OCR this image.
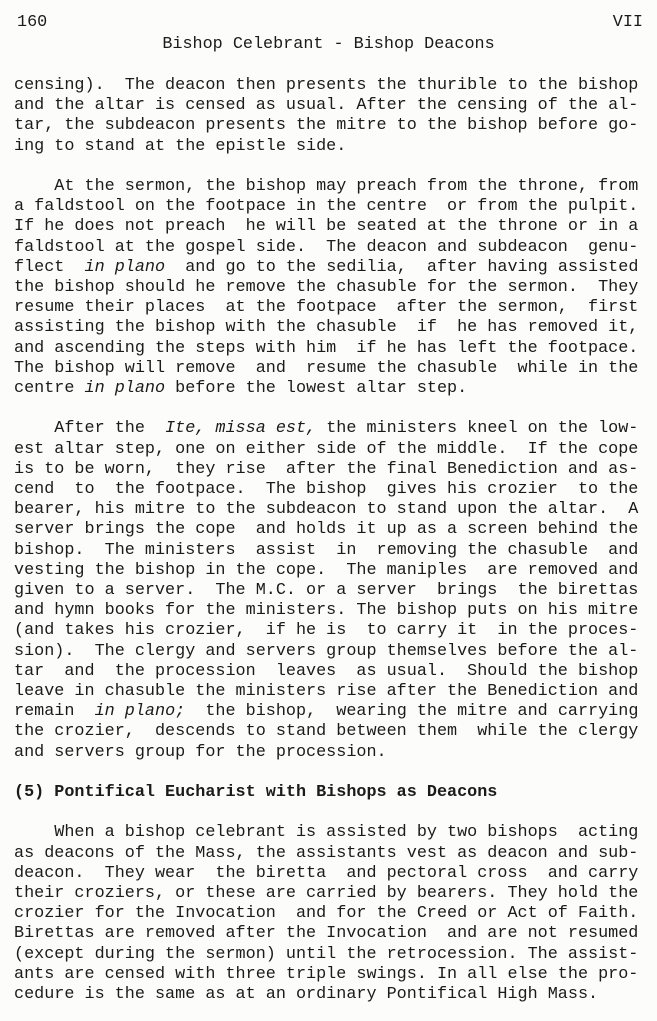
160	VII
Bishop Celebrant - Bishop Deacons
censing).  The deacon then presents the thurible to the bishop
and the altar is censed as usual. After the censing of the al-
tar, the subdeacon presents the mitre to the bishop before go-
ing to stand at the epistle side.
At the sermon, the bishop may preach from the throne, from
a faldstool on the footpace in the centre  or from the pulpit.
If he does not preach  he will be seated at the throne or in a
faldstool at the gospel side.  The deacon and subdeacon  genu-
flect  in plano  and go to the sedilia,  after having assisted
the bishop should he remove the chasuble for the sermon.  They
resume their places  at the footpace  after the sermon,  first
assisting the bishop with the chasuble  if  he has removed it,
and ascending the steps with him  if he has left the footpace.
The bishop will remove  and  resume the chasuble  while in the
centre in plano before the lowest altar step.
After the  Ite, missa est, the ministers kneel on the low-
est altar step, one on either side of the middle.  If the cope
is to be worn,  they rise  after the final Benediction and as-
cend  to  the footpace.  The bishop  gives his crozier  to the
bearer, his mitre to the subdeacon to stand upon the altar.  A
server brings the cope  and holds it up as a screen behind the
bishop.  The ministers  assist  in  removing the chasuble  and
vesting the bishop in the cope.  The maniples  are removed and
given to a server.  The M.C. or a server  brings  the birettas
and hymn books for the ministers. The bishop puts on his mitre
(and takes his crozier,  if he is  to carry it  in the proces-
sion).  The clergy and servers group themselves before the al-
tar  and  the procession  leaves  as usual.  Should the bishop
leave in chasuble the ministers rise after the Benediction and
remain  in plano;  the bishop,  wearing the mitre and carrying
the crozier,  descends to stand between them  while the clergy
and servers group for the procession.
(5) Pontifical Eucharist with Bishops as Deacons
When a bishop celebrant is assisted by two bishops  acting
as deacons of the Mass, the assistants vest as deacon and sub-
deacon.  They wear  the biretta  and pectoral cross  and carry
their croziers, or these are carried by bearers. They hold the
crozier for the Invocation  and for the Creed or Act of Faith.
Birettas are removed after the Invocation  and are not resumed
(except during the sermon) until the retrocession. The assist-
ants are censed with three triple swings. In all else the pro-
cedure is the same as at an ordinary Pontifical High Mass.
